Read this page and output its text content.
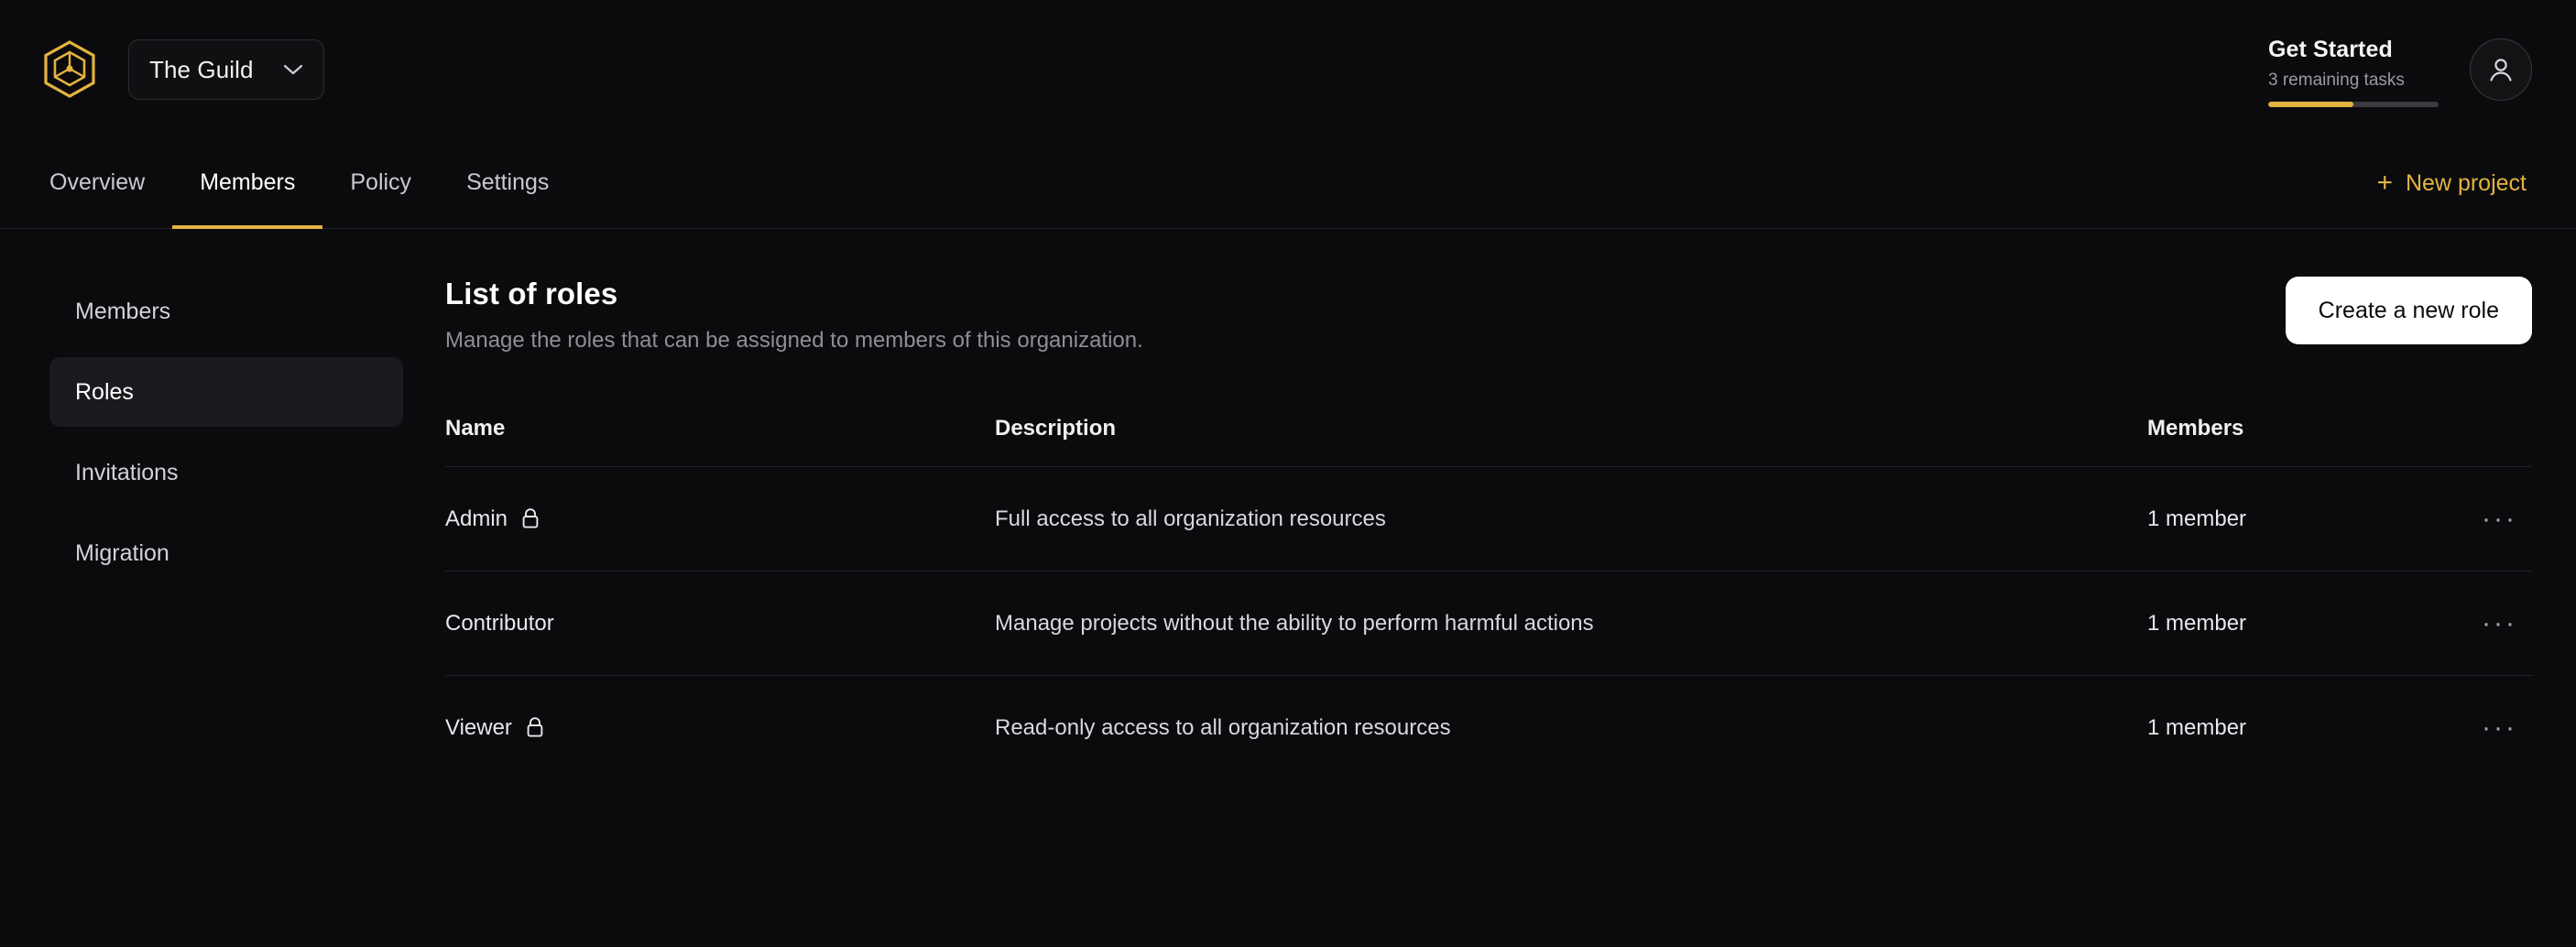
The Guild
Get Started
3 remaining tasks
Overview Members Policy Settings	+ New project
Members
Roles
Invitations
Migration
List of roles
Manage the roles that can be assigned to members of this organization.
Create a new role
Name	Description	Members
Admin	Full access to all organization resources	1 member	···
Contributor	Manage projects without the ability to perform harmful actions	1 member	···
Viewer	Read-only access to all organization resources	1 member	···
